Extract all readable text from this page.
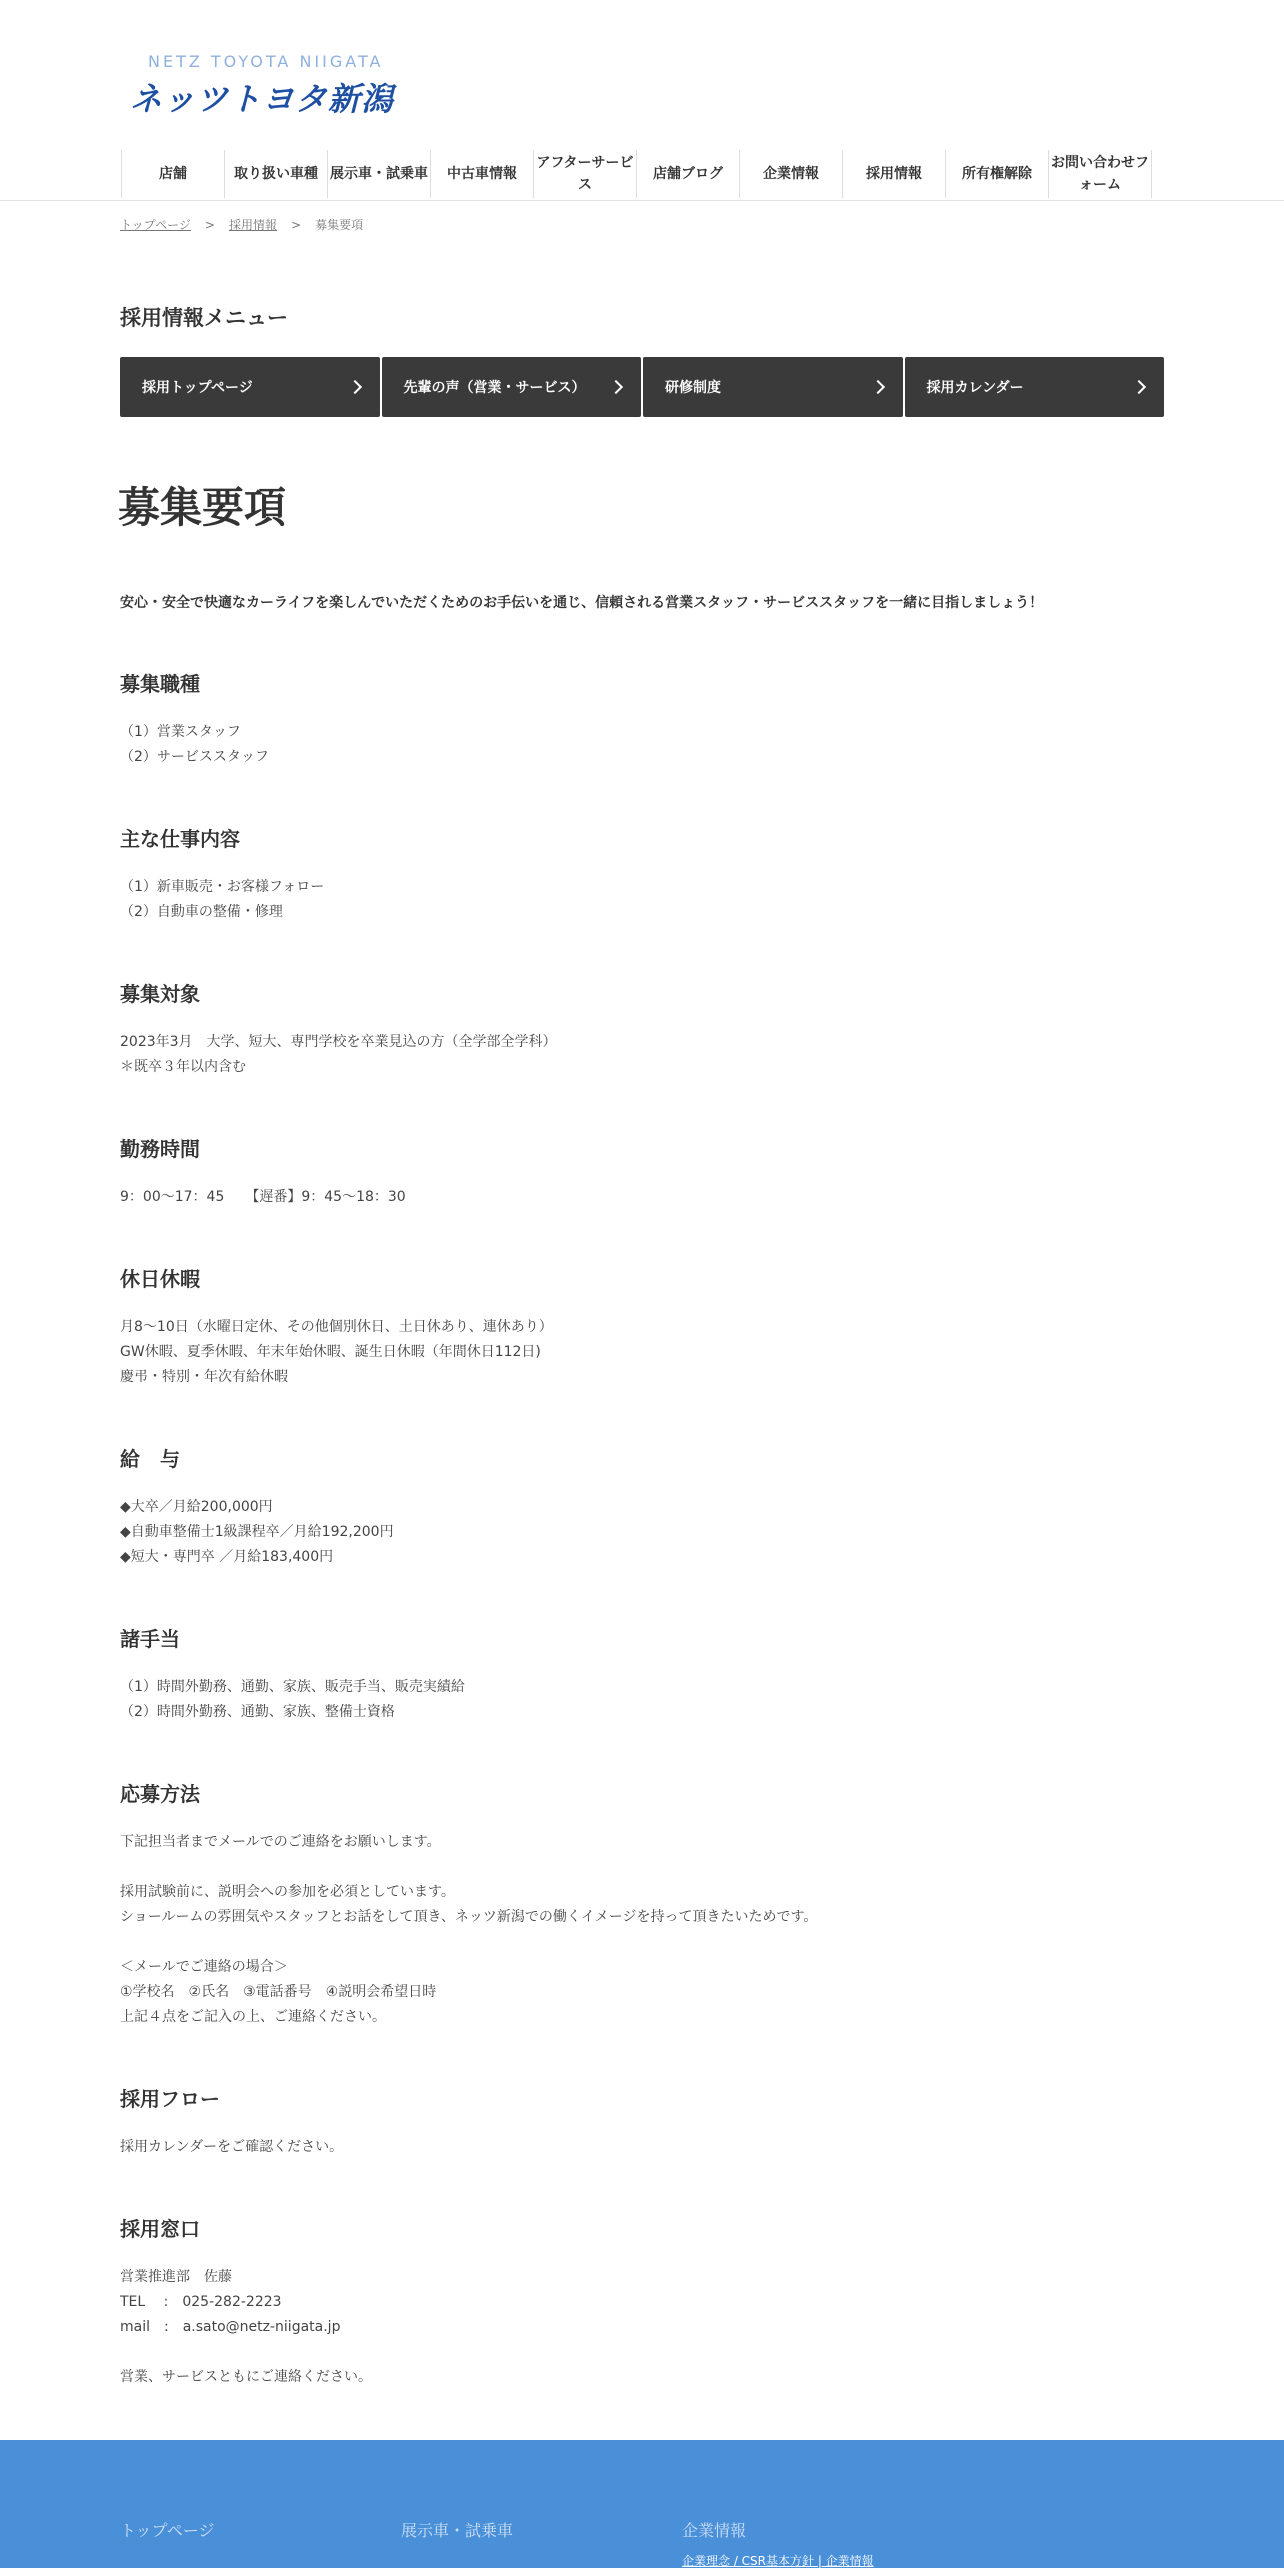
NETZ TOYOTA NIIGATA
ネッツトヨタ新潟
店舗	取り扱い車種 展示車・試乗車	中古車情報
アフターサービス
店舗ブログ	企業情報	採用情報	所有権解除
お問い合わせフォーム
トップページ > 採用情報 > 募集要項
採用情報メニュー
採用トップページ	先輩の声（営業・サービス）	研修制度	採用カレンダー
募集要項
安心・安全で快適なカーライフを楽しんでいただくためのお手伝いを通じ、信頼される営業スタッフ・サービススタッフを一緒に目指しましょう！
募集職種
（1）営業スタッフ
（2）サービススタッフ
主な仕事内容
（1）新車販売・お客様フォロー
（2）自動車の整備・修理
募集対象
2023年3月　大学、短大、専門学校を卒業見込の方（全学部全学科）
＊既卒３年以内含む
勤務時間
9：00～17：45　　【遅番】9：45～18：30
休日休暇
月8～10日（水曜日定休、その他個別休日、土日休あり、連休あり）
GW休暇、夏季休暇、年末年始休暇、誕生日休暇（年間休日112日)
慶弔・特別・年次有給休暇
給　与
◆大卒／月給200,000円
◆自動車整備士1級課程卒／月給192,200円
◆短大・専門卒 ／月給183,400円
諸手当
（1）時間外勤務、通勤、家族、販売手当、販売実績給
（2）時間外勤務、通勤、家族、整備士資格
応募方法
下記担当者までメールでのご連絡をお願いします。
採用試験前に、説明会への参加を必須としています。
ショールームの雰囲気やスタッフとお話をして頂き、ネッツ新潟での働くイメージを持って頂きたいためです。
＜メールでご連絡の場合＞
①学校名　②氏名　③電話番号　④説明会希望日時
上記４点をご記入の上、ご連絡ください。
採用フロー
採用カレンダーをご確認ください。
採用窓口
営業推進部　佐藤
TEL　 :　025-282-2223
mail　:　a.sato@netz-niigata.jp
営業、サービスともにご連絡ください。
トップページ	展示車・試乗車	企業情報
企業理念 / CSR基本方針 | 企業情報
